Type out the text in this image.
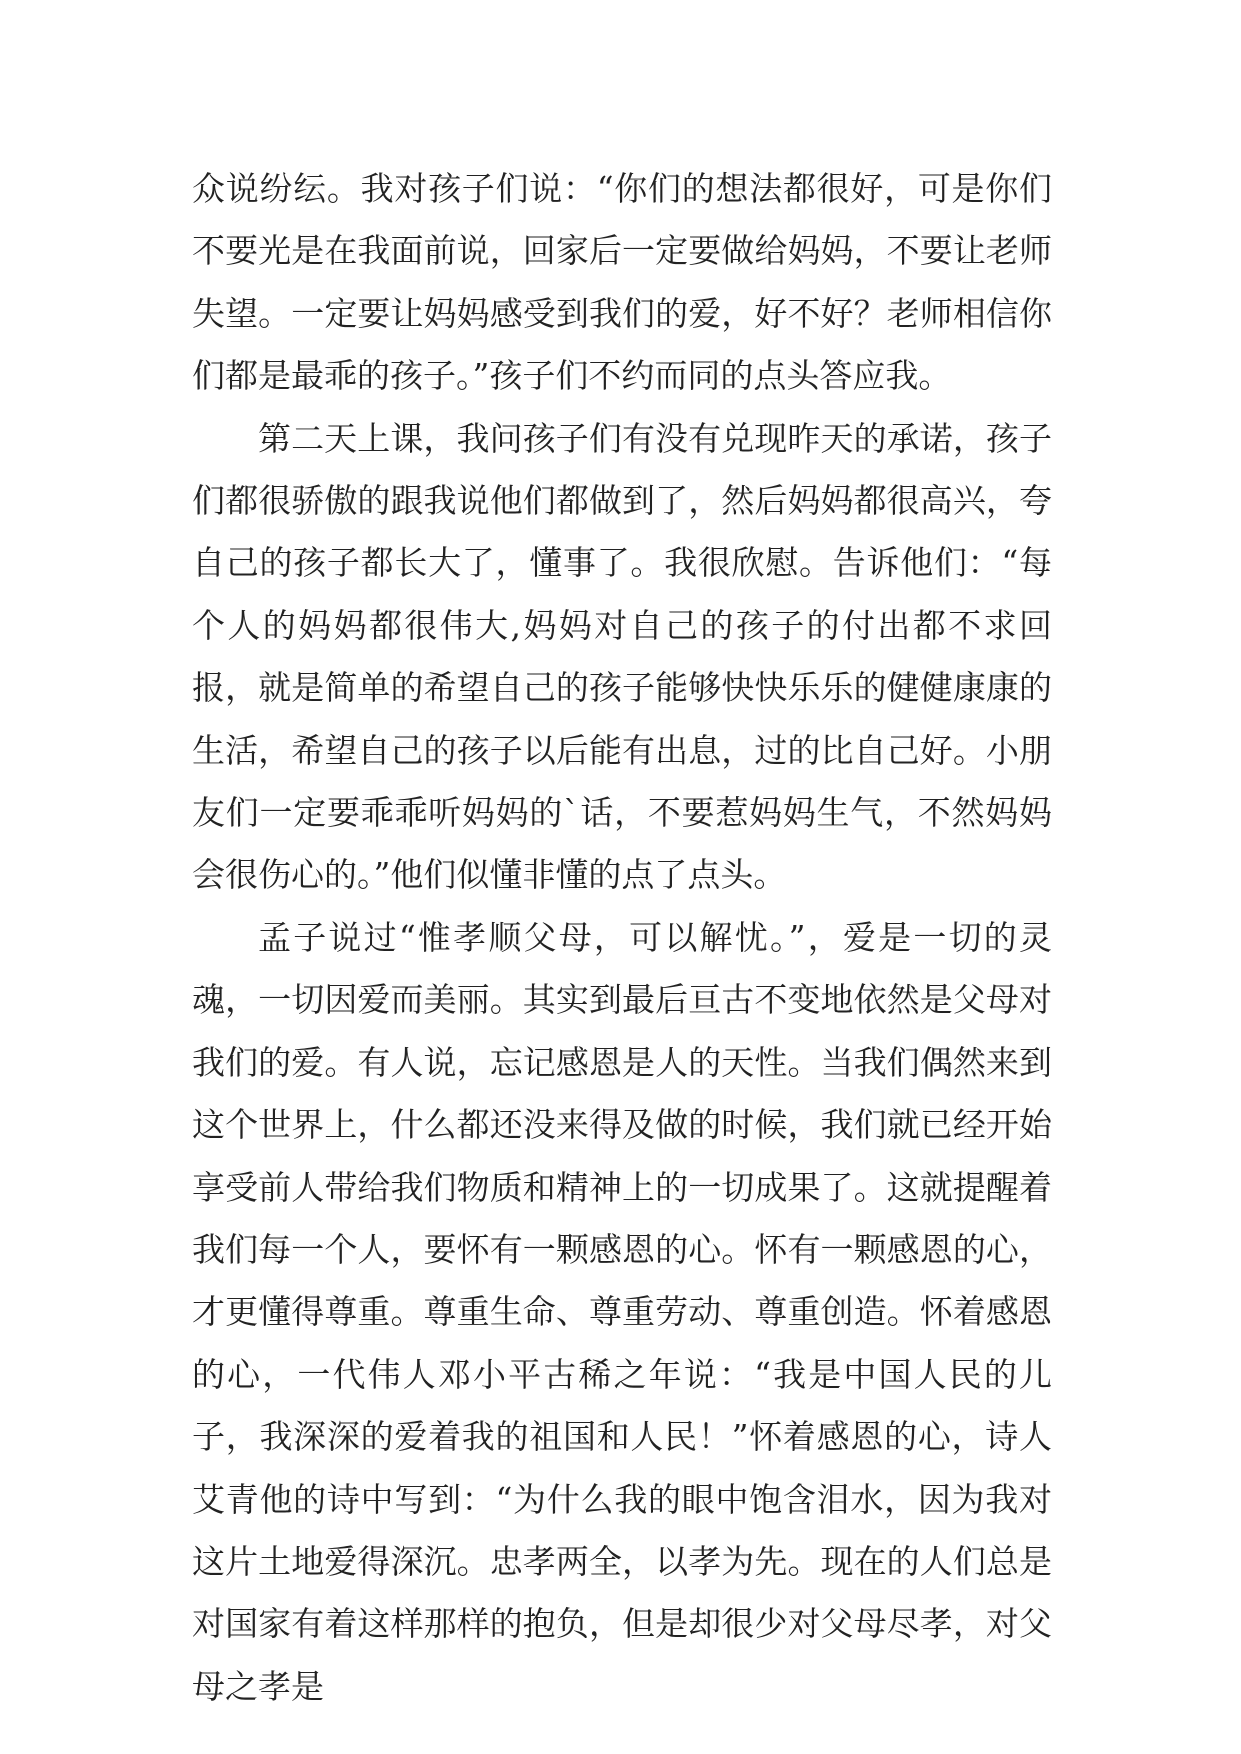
众说纷纭。我对孩子们说：“你们的想法都很好，可是你们不要光是在我面前说，回家后一定要做给妈妈，不要让老师失望。一定要让妈妈感受到我们的爱，好不好？老师相信你们都是最乖的孩子。”孩子们不约而同的点头答应我。

第二天上课，我问孩子们有没有兑现昨天的承诺，孩子们都很骄傲的跟我说他们都做到了，然后妈妈都很高兴，夸自己的孩子都长大了，懂事了。我很欣慰。告诉他们：“每个人的妈妈都很伟大,妈妈对自己的孩子的付出都不求回报，就是简单的希望自己的孩子能够快快乐乐的健健康康的生活，希望自己的孩子以后能有出息，过的比自己好。小朋友们一定要乖乖听妈妈的`话，不要惹妈妈生气，不然妈妈会很伤心的。”他们似懂非懂的点了点头。

孟子说过“惟孝顺父母，可以解忧。”，爱是一切的灵魂，一切因爱而美丽。其实到最后亘古不变地依然是父母对我们的爱。有人说，忘记感恩是人的天性。当我们偶然来到这个世界上，什么都还没来得及做的时候，我们就已经开始享受前人带给我们物质和精神上的一切成果了。这就提醒着我们每一个人，要怀有一颗感恩的心。怀有一颗感恩的心，才更懂得尊重。尊重生命、尊重劳动、尊重创造。怀着感恩的心，一代伟人邓小平古稀之年说：“我是中国人民的儿子，我深深的爱着我的祖国和人民！”怀着感恩的心，诗人艾青他的诗中写到：“为什么我的眼中饱含泪水，因为我对这片土地爱得深沉。忠孝两全，以孝为先。现在的人们总是对国家有着这样那样的抱负，但是却很少对父母尽孝，对父母之孝是
